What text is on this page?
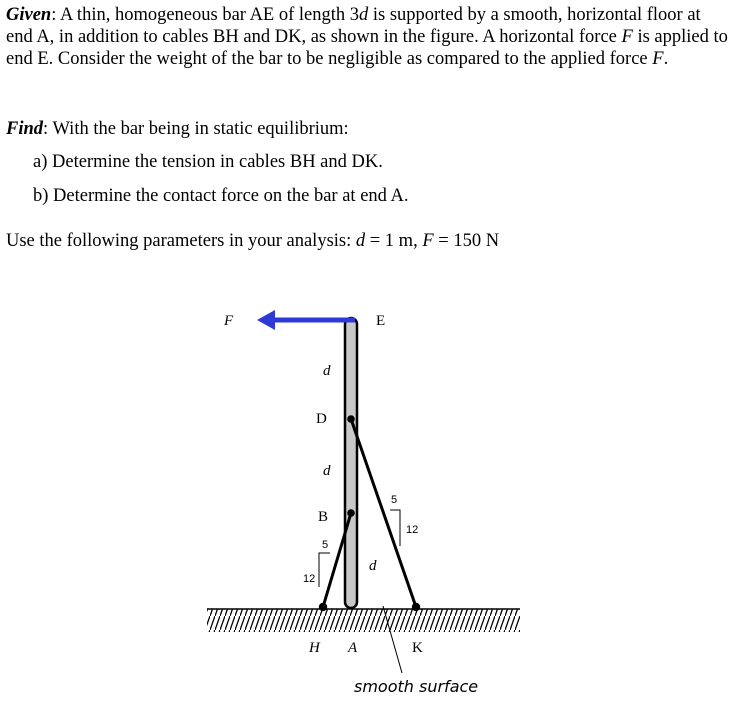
Given: A thin, homogeneous bar AE of length 3d is supported by a smooth, horizontal floor at end A, in addition to cables BH and DK, as shown in the figure. A horizontal force F is applied to end E. Consider the weight of the bar to be negligible as compared to the applied force F.
Find: With the bar being in static equilibrium:
a) Determine the tension in cables BH and DK.
b) Determine the contact force on the bar at end A.
Use the following parameters in your analysis: d = 1 m, F = 150 N
F	E
d
D
d
B
d
5
12
5
12
H A	K
smooth surface
